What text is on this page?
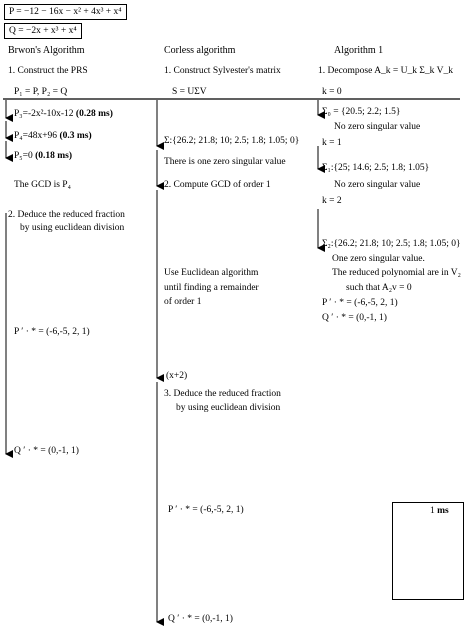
P = −12 − 16x − x² + 4x³ + x⁴
Q = −2x + x³ + x⁴
Brwon's Algorithm
1. Construct the PRS
P₁ = P, P₂ = Q
P₃=-2x²-10x-12 (0.28 ms)
P₄=48x+96 (0.3 ms)
P₅=0 (0.18 ms)
The GCD is P₄
2. Deduce the reduced fraction
by using euclidean division
P ′ · * = (-6,-5, 2, 1)
Q ′ · * = (0,-1, 1)
Corless algorithm
1. Construct Sylvester's matrix
S = UΣV
Σ:{26.2; 21.8; 10; 2.5; 1.8; 1.05; 0}
There is one zero singular value
2. Compute GCD of order 1
Use Euclidean algorithm
until finding a remainder
of order 1
(x+2)
3. Deduce the reduced fraction
by using euclidean division
P ′ · * = (-6,-5, 2, 1)
Q ′ · * = (0,-1, 1)
Algorithm 1
1. Decompose A_k = U_k Σ_k V_k
k = 0
Σ₀ = {20.5; 2.2; 1.5}
No zero singular value
k = 1
Σ₁:{25; 14.6; 2.5; 1.8; 1.05}
No zero singular value
k = 2
Σ₂:{26.2; 21.8; 10; 2.5; 1.8; 1.05; 0}
One zero singular value.
The reduced polynomial are in V₂
such that A₂v = 0
P ′ · * = (-6,-5, 2, 1)
Q ′ · * = (0,-1, 1)
1 ms
